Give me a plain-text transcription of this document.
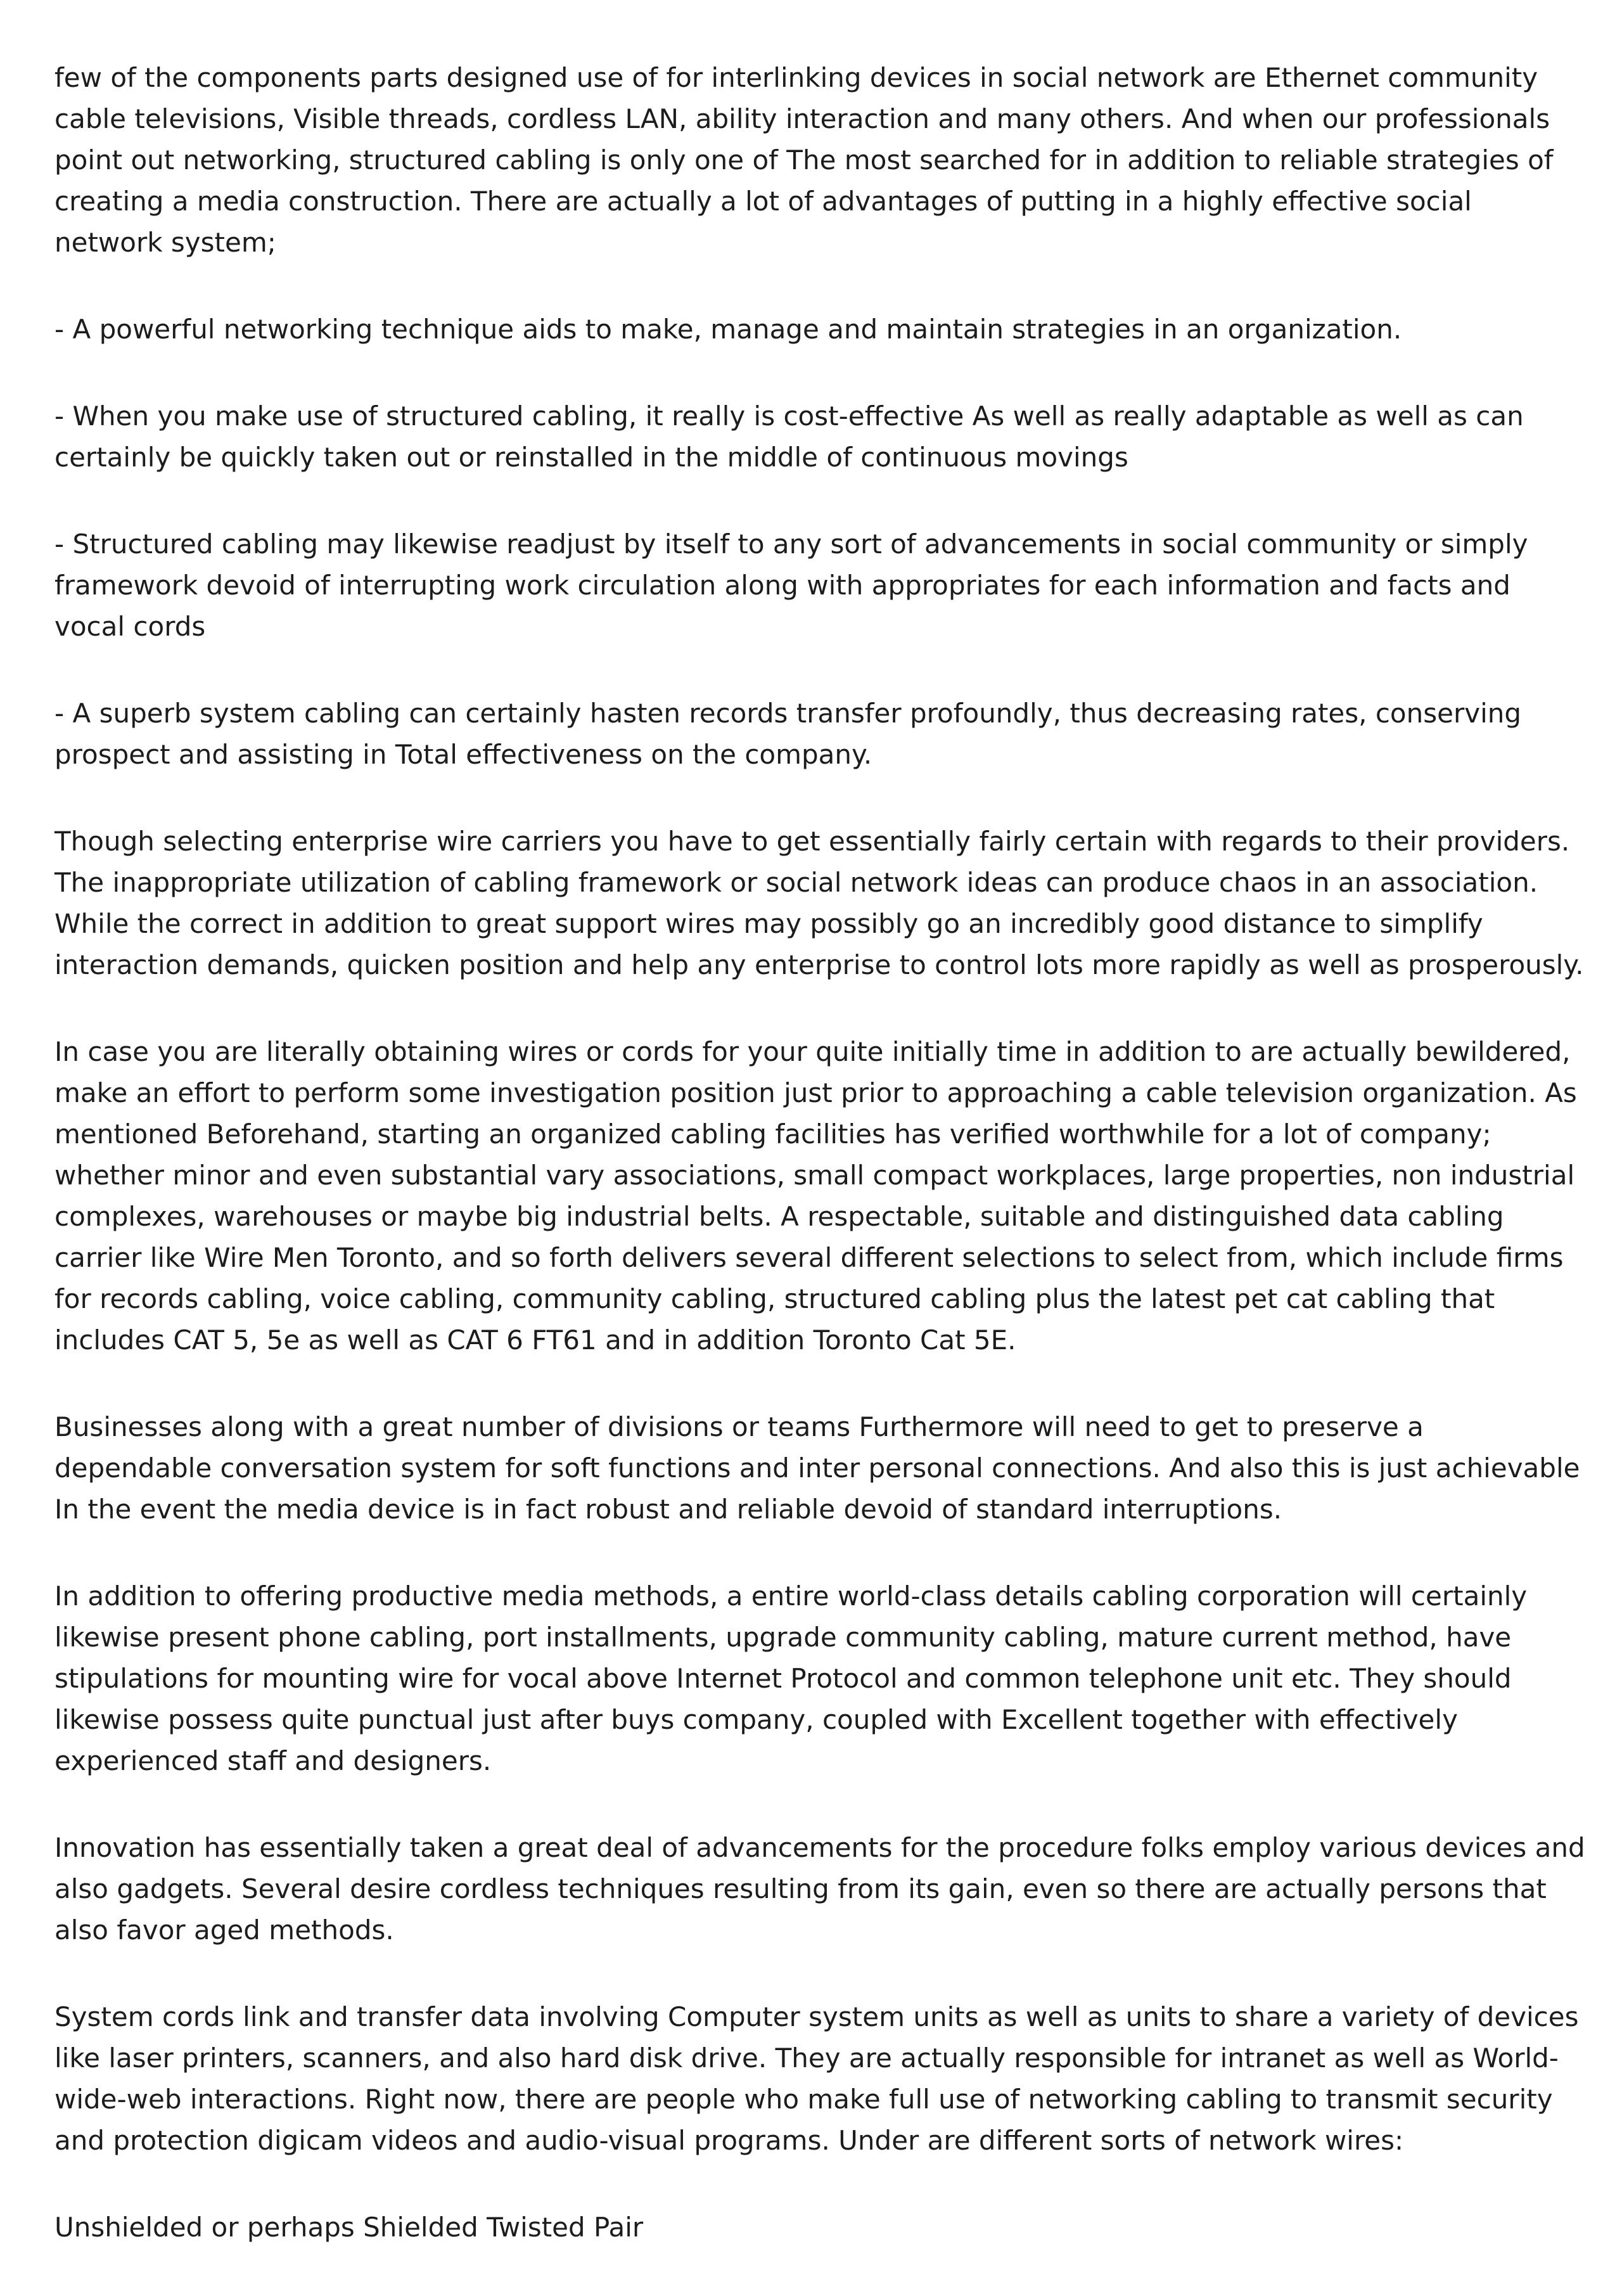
few of the components parts designed use of for interlinking devices in social network are Ethernet community cable televisions, Visible threads, cordless LAN, ability interaction and many others. And when our professionals point out networking, structured cabling is only one of The most searched for in addition to reliable strategies of creating a media construction. There are actually a lot of advantages of putting in a highly effective social network system;

- A powerful networking technique aids to make, manage and maintain strategies in an organization.

- When you make use of structured cabling, it really is cost-effective As well as really adaptable as well as can certainly be quickly taken out or reinstalled in the middle of continuous movings

- Structured cabling may likewise readjust by itself to any sort of advancements in social community or simply framework devoid of interrupting work circulation along with appropriates for each information and facts and vocal cords

- A superb system cabling can certainly hasten records transfer profoundly, thus decreasing rates, conserving prospect and assisting in Total effectiveness on the company.

Though selecting enterprise wire carriers you have to get essentially fairly certain with regards to their providers. The inappropriate utilization of cabling framework or social network ideas can produce chaos in an association. While the correct in addition to great support wires may possibly go an incredibly good distance to simplify interaction demands, quicken position and help any enterprise to control lots more rapidly as well as prosperously.

In case you are literally obtaining wires or cords for your quite initially time in addition to are actually bewildered, make an effort to perform some investigation position just prior to approaching a cable television organization. As mentioned Beforehand, starting an organized cabling facilities has verified worthwhile for a lot of company; whether minor and even substantial vary associations, small compact workplaces, large properties, non industrial complexes, warehouses or maybe big industrial belts. A respectable, suitable and distinguished data cabling carrier like Wire Men Toronto, and so forth delivers several different selections to select from, which include firms for records cabling, voice cabling, community cabling, structured cabling plus the latest pet cat cabling that includes CAT 5, 5e as well as CAT 6 FT61 and in addition Toronto Cat 5E.

Businesses along with a great number of divisions or teams Furthermore will need to get to preserve a dependable conversation system for soft functions and inter personal connections. And also this is just achievable In the event the media device is in fact robust and reliable devoid of standard interruptions.

In addition to offering productive media methods, a entire world-class details cabling corporation will certainly likewise present phone cabling, port installments, upgrade community cabling, mature current method, have stipulations for mounting wire for vocal above Internet Protocol and common telephone unit etc. They should likewise possess quite punctual just after buys company, coupled with Excellent together with effectively experienced staff and designers.

Innovation has essentially taken a great deal of advancements for the procedure folks employ various devices and also gadgets. Several desire cordless techniques resulting from its gain, even so there are actually persons that also favor aged methods.

System cords link and transfer data involving Computer system units as well as units to share a variety of devices like laser printers, scanners, and also hard disk drive. They are actually responsible for intranet as well as World-wide-web interactions. Right now, there are people who make full use of networking cabling to transmit security and protection digicam videos and audio-visual programs. Under are different sorts of network wires:

Unshielded or perhaps Shielded Twisted Pair
